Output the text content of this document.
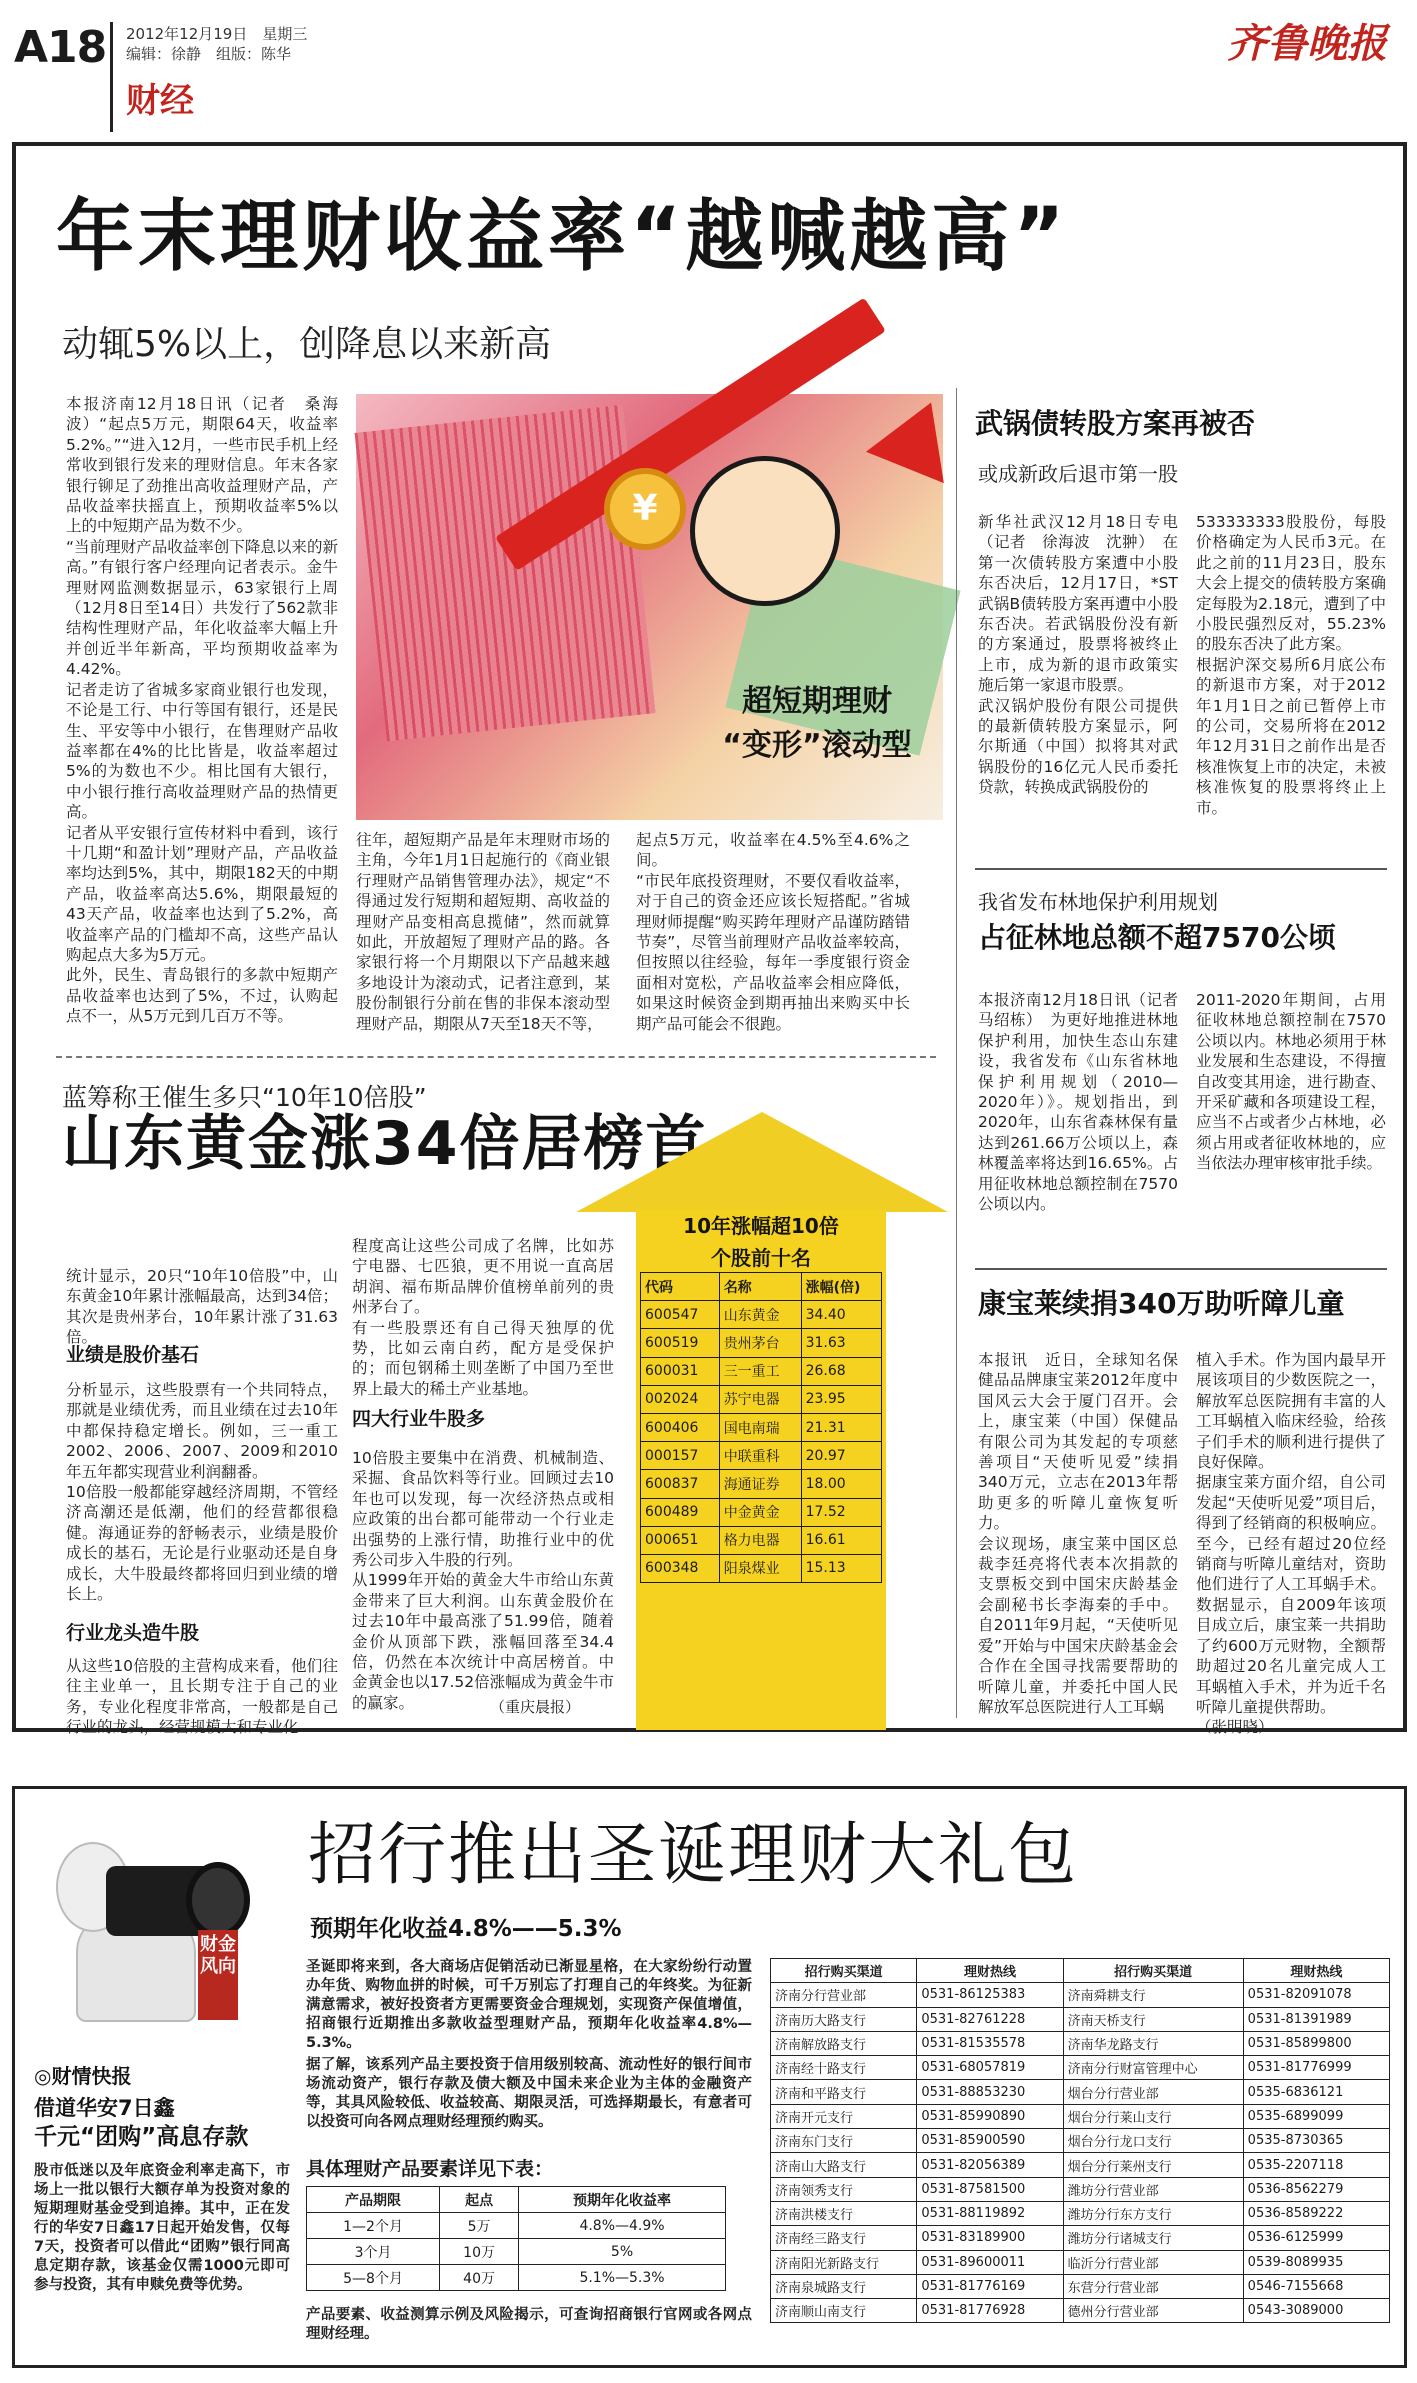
A18 2012年12月19日　星期三
编辑：徐静　组版：陈华
财经
齐鲁晚报
年末理财收益率“越喊越高”
动辄5%以上，创降息以来新高
本报济南12月18日讯（记者　桑海波）“起点5万元，期限64天，收益率5.2%。”“进入12月，一些市民手机上经常收到银行发来的理财信息。年末各家银行铆足了劲推出高收益理财产品，产品收益率扶摇直上，预期收益率5%以上的中短期产品为数不少。
“当前理财产品收益率创下降息以来的新高。”有银行客户经理向记者表示。金牛理财网监测数据显示，63家银行上周（12月8日至14日）共发行了562款非结构性理财产品，年化收益率大幅上升并创近半年新高，平均预期收益率为4.42%。
记者走访了省城多家商业银行也发现，不论是工行、中行等国有银行，还是民生、平安等中小银行，在售理财产品收益率都在4%的比比皆是，收益率超过5%的为数也不少。相比国有大银行，中小银行推行高收益理财产品的热情更高。
记者从平安银行宣传材料中看到，该行十几期“和盈计划”理财产品，产品收益率均达到5%，其中，期限182天的中期产品，收益率高达5.6%，期限最短的43天产品，收益率也达到了5.2%，高收益率产品的门槛却不高，这些产品认购起点大多为5万元。
此外，民生、青岛银行的多款中短期产品收益率也达到了5%，不过，认购起点不一，从5万元到几百万不等。
¥
超短期理财
“变形”滚动型
往年，超短期产品是年末理财市场的主角，今年1月1日起施行的《商业银行理财产品销售管理办法》，规定“不得通过发行短期和超短期、高收益的理财产品变相高息揽储”，然而就算如此，开放超短了理财产品的路。各家银行将一个月期限以下产品越来越多地设计为滚动式，记者注意到，某股份制银行分前在售的非保本滚动型理财产品，期限从7天至18天不等，
起点5万元，收益率在4.5%至4.6%之间。
“市民年底投资理财，不要仅看收益率，对于自己的资金还应该长短搭配。”省城理财师提醒“购买跨年理财产品谨防踏错节奏”，尽管当前理财产品收益率较高，但按照以往经验，每年一季度银行资金面相对宽松，产品收益率会相应降低，如果这时候资金到期再抽出来购买中长期产品可能会不很跑。
武锅债转股方案再被否
或成新政后退市第一股
新华社武汉12月18日专电（记者　徐海波　沈翀）　在第一次债转股方案遭中小股东否决后，12月17日，*ST武锅B债转股方案再遭中小股东否决。若武锅股份没有新的方案通过，股票将被终止上市，成为新的退市政策实施后第一家退市股票。
武汉锅炉股份有限公司提供的最新债转股方案显示，阿尔斯通（中国）拟将其对武锅股份的16亿元人民币委托贷款，转换成武锅股份的
533333333股股份，每股价格确定为人民币3元。在此之前的11月23日，股东大会上提交的债转股方案确定每股为2.18元，遭到了中小股民强烈反对，55.23%的股东否决了此方案。
根据沪深交易所6月底公布的新退市方案，对于2012年1月1日之前已暂停上市的公司，交易所将在2012年12月31日之前作出是否核准恢复上市的决定，未被核准恢复的股票将终止上市。
我省发布林地保护利用规划
占征林地总额不超7570公顷
本报济南12月18日讯（记者　马绍栋）　为更好地推进林地保护利用，加快生态山东建设，我省发布《山东省林地保护利用规划（2010—2020年）》。规划指出，到2020年，山东省森林保有量达到261.66万公顷以上，森林覆盖率将达到16.65%。占用征收林地总额控制在7570公顷以内。
2011-2020年期间，占用征收林地总额控制在7570公顷以内。林地必须用于林业发展和生态建设，不得擅自改变其用途，进行勘查、开采矿藏和各项建设工程，应当不占或者少占林地，必须占用或者征收林地的，应当依法办理审核审批手续。
康宝莱续捐340万助听障儿童
本报讯　近日，全球知名保健品品牌康宝莱2012年度中国风云大会于厦门召开。会上，康宝莱（中国）保健品有限公司为其发起的专项慈善项目“天使听见爱”续捐340万元，立志在2013年帮助更多的听障儿童恢复听力。
会议现场，康宝莱中国区总裁李廷亮将代表本次捐款的支票板交到中国宋庆龄基金会副秘书长李海秦的手中。自2011年9月起，“天使听见爱”开始与中国宋庆龄基金会合作在全国寻找需要帮助的听障儿童，并委托中国人民解放军总医院进行人工耳蜗
植入手术。作为国内最早开展该项目的少数医院之一，解放军总医院拥有丰富的人工耳蜗植入临床经验，给孩子们手术的顺利进行提供了良好保障。
据康宝莱方面介绍，自公司发起“天使听见爱”项目后，得到了经销商的积极响应。至今，已经有超过20位经销商与听障儿童结对，资助他们进行了人工耳蜗手术。数据显示，自2009年该项目成立后，康宝莱一共捐助了约600万元财物，全额帮助超过20名儿童完成人工耳蜗植入手术，并为近千名听障儿童提供帮助。
（张明晓）
蓝筹称王催生多只“10年10倍股”
山东黄金涨34倍居榜首
统计显示，20只“10年10倍股”中，山东黄金10年累计涨幅最高，达到34倍；其次是贵州茅台，10年累计涨了31.63倍。
业绩是股价基石
分析显示，这些股票有一个共同特点，那就是业绩优秀，而且业绩在过去10年中都保持稳定增长。例如，三一重工2002、2006、2007、2009和2010年五年都实现营业利润翻番。
10倍股一般都能穿越经济周期，不管经济高潮还是低潮，他们的经营都很稳健。海通证券的舒畅表示，业绩是股价成长的基石，无论是行业驱动还是自身成长，大牛股最终都将回归到业绩的增长上。
行业龙头造牛股
从这些10倍股的主营构成来看，他们往往主业单一，且长期专注于自己的业务，专业化程度非常高，一般都是自己行业的龙头，经营规模大和专业化
程度高让这些公司成了名牌，比如苏宁电器、七匹狼，更不用说一直高居胡润、福布斯品牌价值榜单前列的贵州茅台了。
有一些股票还有自己得天独厚的优势，比如云南白药，配方是受保护的；而包钢稀土则垄断了中国乃至世界上最大的稀土产业基地。
四大行业牛股多
10倍股主要集中在消费、机械制造、采掘、食品饮料等行业。回顾过去10年也可以发现，每一次经济热点或相应政策的出台都可能带动一个行业走出强势的上涨行情，助推行业中的优秀公司步入牛股的行列。
从1999年开始的黄金大牛市给山东黄金带来了巨大利润。山东黄金股价在过去10年中最高涨了51.99倍，随着金价从顶部下跌，涨幅回落至34.4倍，仍然在本次统计中高居榜首。中金黄金也以17.52倍涨幅成为黄金牛市的赢家。	（重庆晨报）
10年涨幅超10倍
个股前十名
代码	名称	涨幅(倍)
600547	山东黄金	34.40
600519	贵州茅台	31.63
600031	三一重工	26.68
002024	苏宁电器	23.95
600406	国电南瑞	21.31
000157	中联重科	20.97
600837	海通证券	18.00
600489	中金黄金	17.52
000651	格力电器	16.61
600348	阳泉煤业	15.13
财金风向
◎财情快报
借道华安7日鑫
千元“团购”高息存款
股市低迷以及年底资金利率走高下，市场上一批以银行大额存单为投资对象的短期理财基金受到追捧。其中，正在发行的华安7日鑫17日起开始发售，仅每7天，投资者可以借此“团购”银行同高息定期存款，该基金仅需1000元即可参与投资，其有申赎免费等优势。
招行推出圣诞理财大礼包
预期年化收益4.8%——5.3%
圣诞即将来到，各大商场店促销活动已渐显星格，在大家纷纷行动置办年货、购物血拼的时候，可千万别忘了打理自己的年终奖。为征新满意需求，被好投资者方更需要资金合理规划，实现资产保值增值，招商银行近期推出多款收益型理财产品，预期年化收益率4.8%—5.3%。
据了解，该系列产品主要投资于信用级别较高、流动性好的银行间市场流动资产，银行存款及债大额及中国未来企业为主体的金融资产等，其具风险较低、收益较高、期限灵活，可选择期最长，有意者可以投资可向各网点理财经理预约购买。
具体理财产品要素详见下表：
产品期限	起点	预期年化收益率
1—2个月	5万	4.8%—4.9%
3个月	10万	5%
5—8个月	40万	5.1%—5.3%
产品要素、收益测算示例及风险揭示，可查询招商银行官网或各网点理财经理。
招行购买渠道	理财热线	招行购买渠道	理财热线
济南分行营业部	0531-86125383	济南舜耕支行	0531-82091078
济南历大路支行	0531-82761228	济南天桥支行	0531-81391989
济南解放路支行	0531-81535578	济南华龙路支行	0531-85899800
济南经十路支行	0531-68057819	济南分行财富管理中心	0531-81776999
济南和平路支行	0531-88853230	烟台分行营业部	0535-6836121
济南开元支行	0531-85990890	烟台分行莱山支行	0535-6899099
济南东门支行	0531-85900590	烟台分行龙口支行	0535-8730365
济南山大路支行	0531-82056389	烟台分行莱州支行	0535-2207118
济南领秀支行	0531-87581500	潍坊分行营业部	0536-8562279
济南洪楼支行	0531-88119892	潍坊分行东方支行	0536-8589222
济南经三路支行	0531-83189900	潍坊分行诸城支行	0536-6125999
济南阳光新路支行	0531-89600011	临沂分行营业部	0539-8089935
济南泉城路支行	0531-81776169	东营分行营业部	0546-7155668
济南顺山南支行	0531-81776928	德州分行营业部	0543-3089000
